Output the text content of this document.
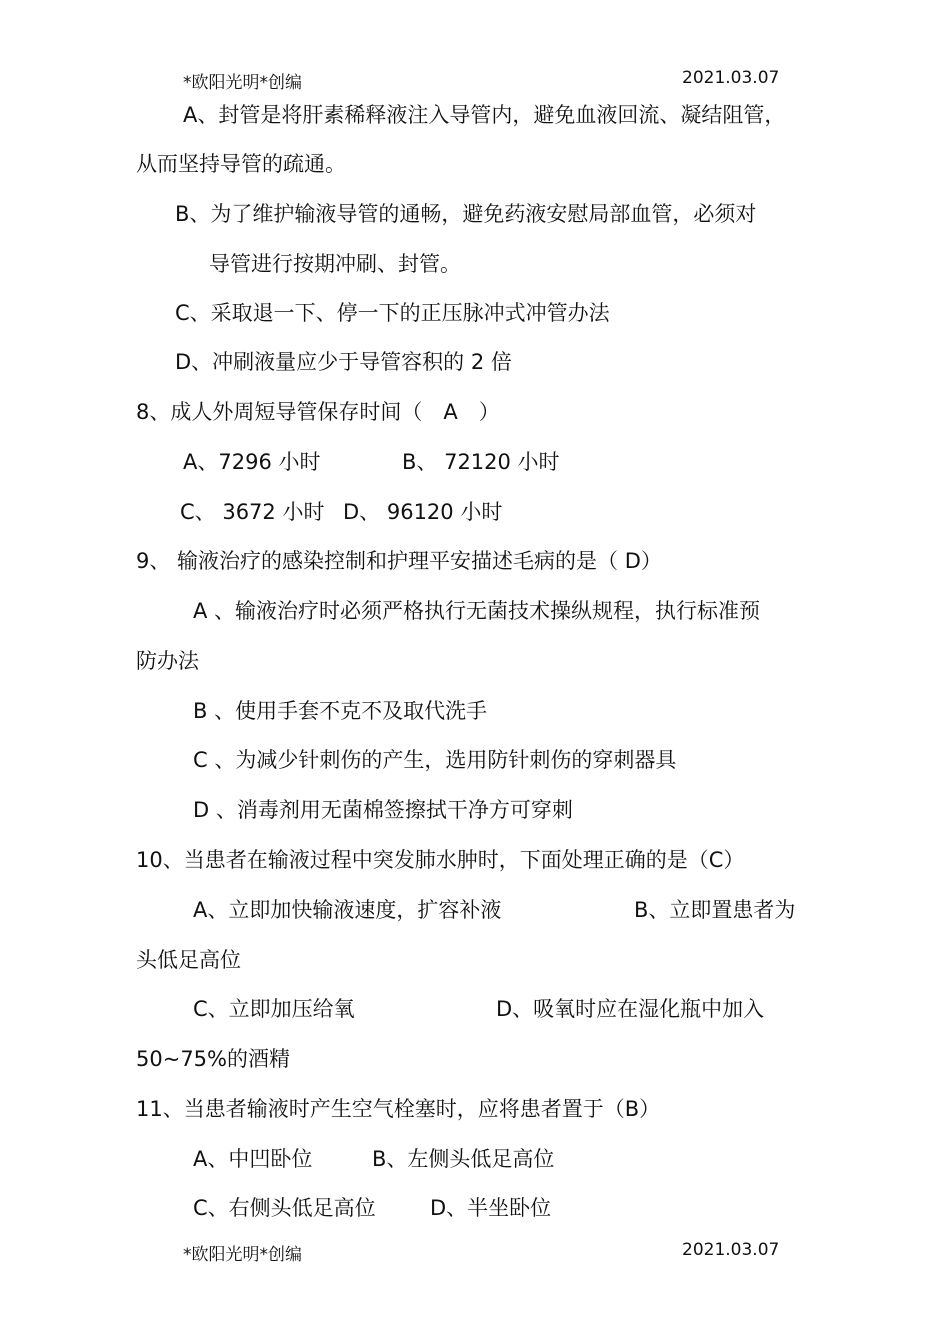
*欧阳光明*创编	2021.03.07
A、封管是将肝素稀释液注入导管内，避免血液回流、凝结阻管，
从而坚持导管的疏通。
B、为了维护输液导管的通畅，避免药液安慰局部血管，必须对
导管进行按期冲刷、封管。
C、采取退一下、停一下的正压脉冲式冲管办法
D、冲刷液量应少于导管容积的 2 倍
8、成人外周短导管保存时间（　A　）
A、7296 小时	B、 72120 小时
C、 3672 小时 D、 96120 小时
9、 输液治疗的感染控制和护理平安描述毛病的是（ D）
A 、输液治疗时必须严格执行无菌技术操纵规程，执行标准预
防办法
B 、使用手套不克不及取代洗手
C 、为减少针刺伤的产生，选用防针刺伤的穿刺器具
D 、消毒剂用无菌棉签擦拭干净方可穿刺
10、当患者在输液过程中突发肺水肿时，下面处理正确的是（C）
A、立即加快输液速度，扩容补液	B、立即置患者为
头低足高位
C、立即加压给氧	D、吸氧时应在湿化瓶中加入
50~75%的酒精
11、当患者输液时产生空气栓塞时，应将患者置于（B）
A、中凹卧位	B、左侧头低足高位
C、右侧头低足高位	D、半坐卧位
*欧阳光明*创编	2021.03.07
